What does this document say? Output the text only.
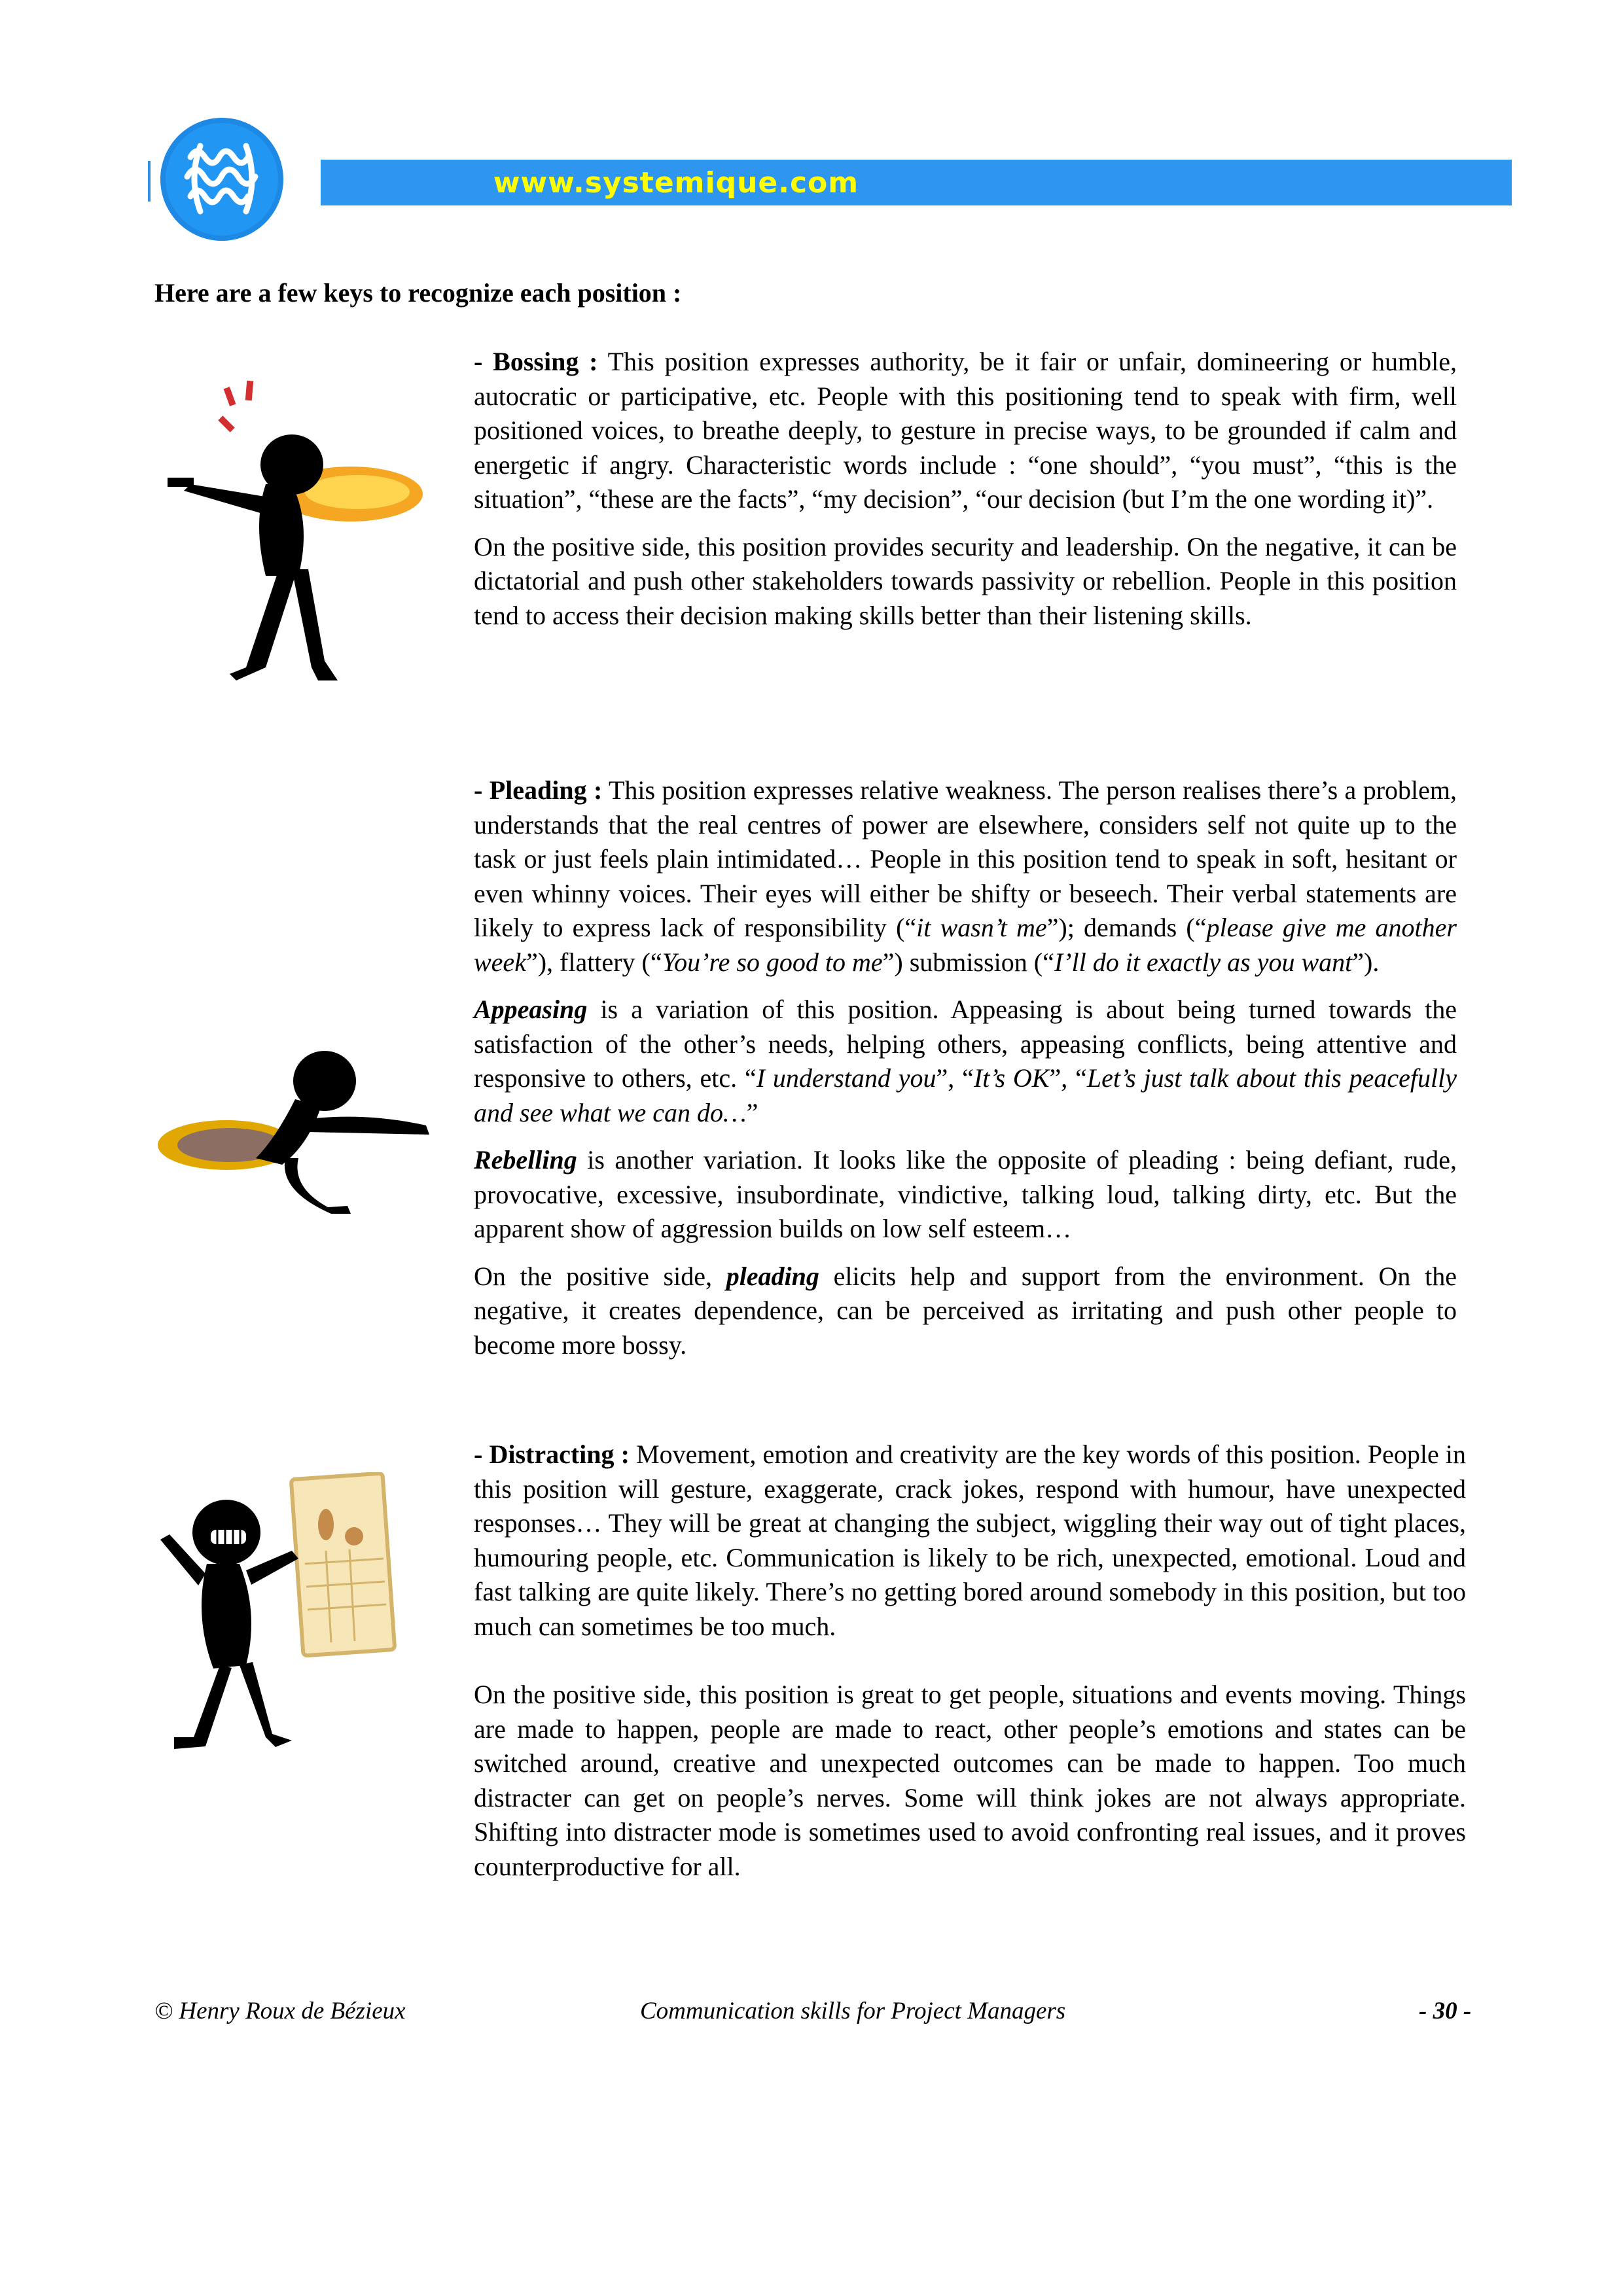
www.systemique.com
Here are a few keys to recognize each position :

- Bossing : This position expresses authority, be it fair or unfair, domineering or humble, autocratic or participative, etc. People with this positioning tend to speak with firm, well positioned voices, to breathe deeply, to gesture in precise ways, to be grounded if calm and energetic if angry. Characteristic words include : “one should”, “you must”, “this is the situation”, “these are the facts”, “my decision”, “our decision (but I’m the one wording it)”.

On the positive side, this position provides security and leadership. On the negative, it can be dictatorial and push other stakeholders towards passivity or rebellion. People in this position tend to access their decision making skills better than their listening skills.

- Pleading : This position expresses relative weakness. The person realises there’s a problem, understands that the real centres of power are elsewhere, considers self not quite up to the task or just feels plain intimidated… People in this position tend to speak in soft, hesitant or even whinny voices. Their eyes will either be shifty or beseech. Their verbal statements are likely to express lack of responsibility (“it wasn’t me”); demands (“please give me another week”), flattery (“You’re so good to me”) submission (“I’ll do it exactly as you want”).

Appeasing is a variation of this position. Appeasing is about being turned towards the satisfaction of the other’s needs, helping others, appeasing conflicts, being attentive and responsive to others, etc. “I understand you”, “It’s OK”, “Let’s just talk about this peacefully and see what we can do…”

Rebelling is another variation. It looks like the opposite of pleading : being defiant, rude, provocative, excessive, insubordinate, vindictive, talking loud, talking dirty, etc. But the apparent show of aggression builds on low self esteem…

On the positive side, pleading elicits help and support from the environment. On the negative, it creates dependence, can be perceived as irritating and push other people to become more bossy.

- Distracting : Movement, emotion and creativity are the key words of this position. People in this position will gesture, exaggerate, crack jokes, respond with humour, have unexpected responses… They will be great at changing the subject, wiggling their way out of tight places, humouring people, etc. Communication is likely to be rich, unexpected, emotional. Loud and fast talking are quite likely. There’s no getting bored around somebody in this position, but too much can sometimes be too much.

On the positive side, this position is great to get people, situations and events moving. Things are made to happen, people are made to react, other people’s emotions and states can be switched around, creative and unexpected outcomes can be made to happen. Too much distracter can get on people’s nerves. Some will think jokes are not always appropriate. Shifting into distracter mode is sometimes used to avoid confronting real issues, and it proves counterproductive for all.

© Henry Roux de Bézieux	Communication skills for Project Managers	- 30 -
